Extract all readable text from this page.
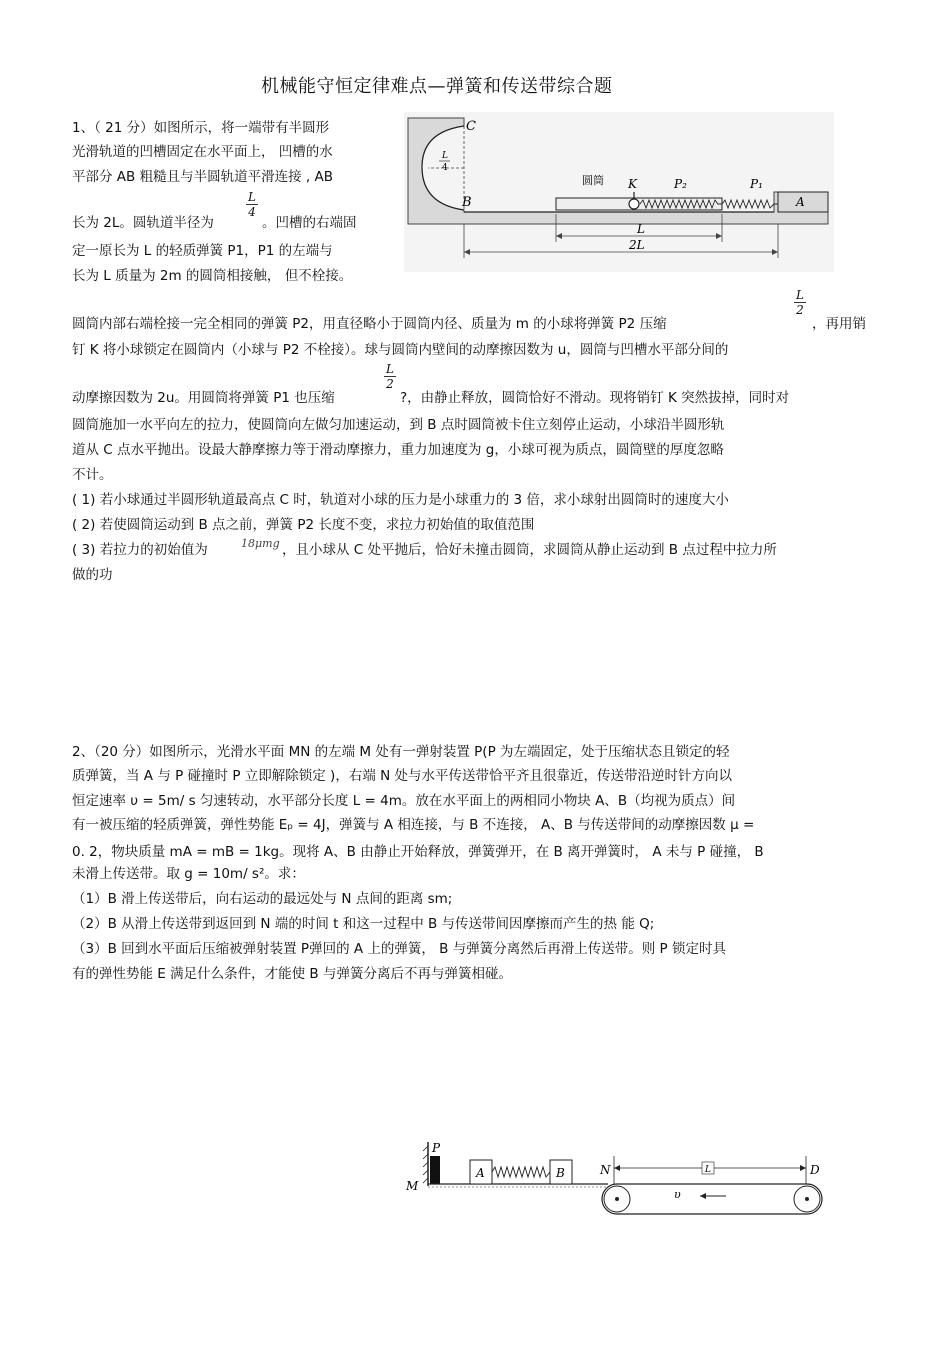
机械能守恒定律难点—弹簧和传送带综合题
1、（ 21 分）如图所示，将一端带有半圆形
光滑轨道的凹槽固定在水平面上， 凹槽的水
平部分 AB 粗糙且与半圆轨道平滑连接 , AB
长为 2L。圆轨道半径为
$\frac{L}{4}$
。凹槽的右端固
定一原长为 L 的轻质弹簧 P1，P1 的左端与
长为 L 质量为 2m 的圆筒相接触， 但不栓接。
L
4
C
B
圆筒 K	P₂	P₁
A
L
2L
圆筒内部右端栓接一完全相同的弹簧 P2，用直径略小于圆筒内径、质量为 m 的小球将弹簧 P2 压缩
$\frac{L}{2}$
，再用销
钉 K 将小球锁定在圆筒内（小球与 P2 不栓接）。球与圆筒内壁间的动摩擦因数为 u，圆筒与凹槽水平部分间的
动摩擦因数为 2u。用圆筒将弹簧 P1 也压缩
$\frac{L}{2}$
?，由静止释放，圆筒恰好不滑动。现将销钉 K 突然拔掉，同时对
圆筒施加一水平向左的拉力，使圆筒向左做匀加速运动，到 B 点时圆筒被卡住立刻停止运动，小球沿半圆形轨
道从 C 点水平抛出。设最大静摩擦力等于滑动摩擦力，重力加速度为 g，小球可视为质点，圆筒壁的厚度忽略
不计。
( 1) 若小球通过半圆形轨道最高点 C 时，轨道对小球的压力是小球重力的 3 倍，求小球射出圆筒时的速度大小
( 2) 若使圆筒运动到 B 点之前，弹簧 P2 长度不变，求拉力初始值的取值范围
( 3) 若拉力的初始值为	18μmg ，且小球从 C 处平抛后，恰好未撞击圆筒，求圆筒从静止运动到 B 点过程中拉力所
做的功
2、（20 分）如图所示，光滑水平面 MN 的左端 M 处有一弹射装置 P(P 为左端固定，处于压缩状态且锁定的轻
质弹簧，当 A 与 P 碰撞时 P 立即解除锁定 )，右端 N 处与水平传送带恰平齐且很靠近，传送带沿逆时针方向以
恒定速率 υ = 5m/ s 匀速转动，水平部分长度 L = 4m。放在水平面上的两相同小物块 A、B（均视为质点）间
有一被压缩的轻质弹簧，弹性势能 Eₚ = 4J，弹簧与 A 相连接，与 B 不连接， A、B 与传送带间的动摩擦因数 μ =
0. 2，物块质量 mA = mB = 1kg。现将 A、B 由静止开始释放，弹簧弹开，在 B 离开弹簧时， A 未与 P 碰撞， B
未滑上传送带。取 g = 10m/ s²。求：
（1）B 滑上传送带后，向右运动的最远处与 N 点间的距离 sm;
（2）B 从滑上传送带到返回到 N 端的时间 t 和这一过程中 B 与传送带间因摩擦而产生的热 能 Q;
（3）B 回到水平面后压缩被弹射装置 P弹回的 A 上的弹簧， B 与弹簧分离然后再滑上传送带。则 P 锁定时具
有的弹性势能 E 满足什么条件，才能使 B 与弹簧分离后不再与弹簧相碰。
P
M
A	B	N	D
L
υ
